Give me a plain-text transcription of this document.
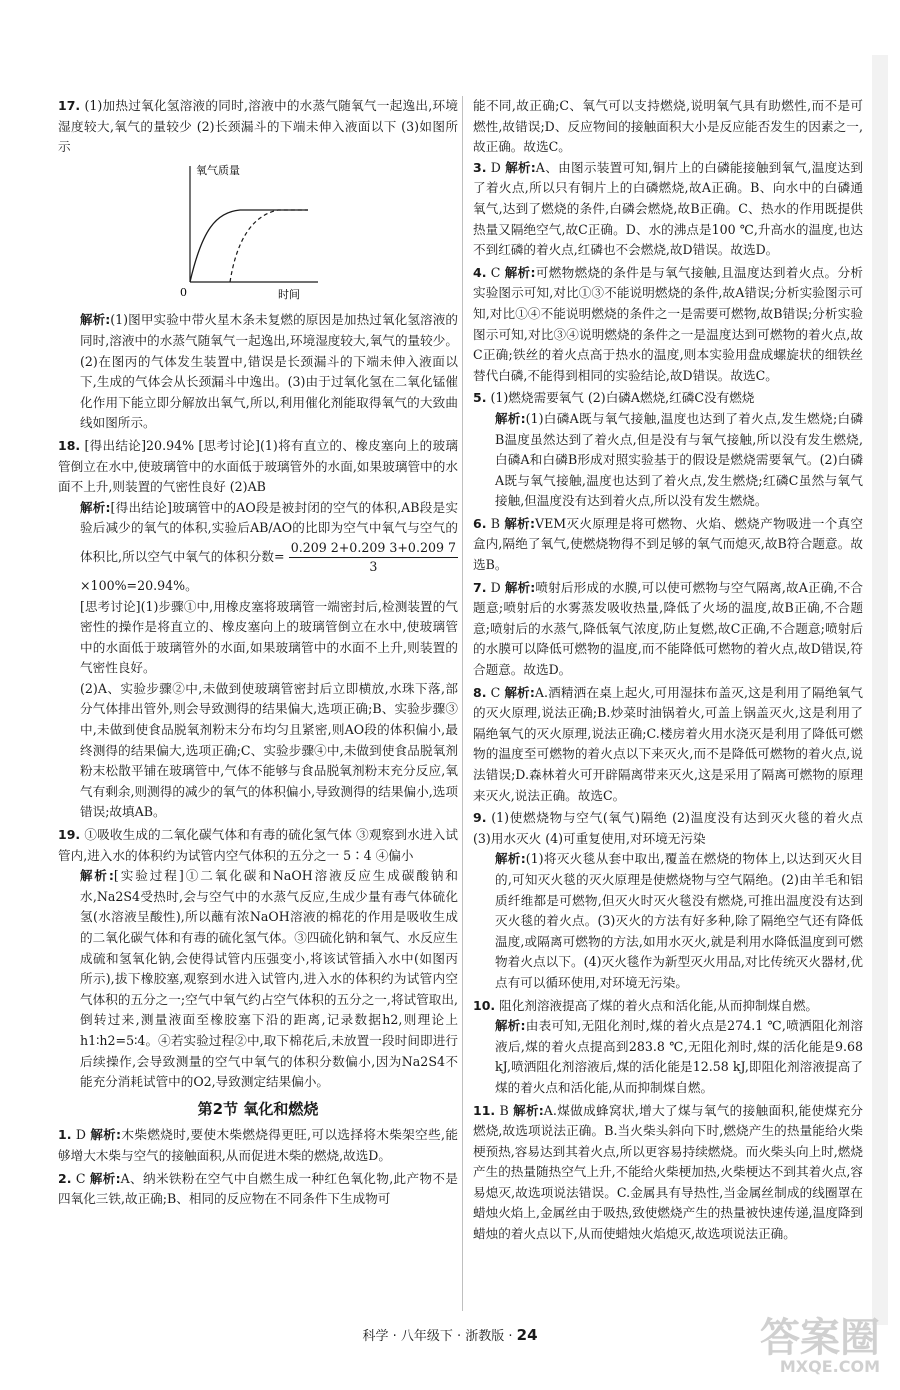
17. (1)加热过氧化氢溶液的同时,溶液中的水蒸气随氧气一起逸出,环境湿度较大,氧气的量较少 (2)长颈漏斗的下端未伸入液面以下 (3)如图所示

氧气质量
0	时间

解析:(1)图甲实验中带火星木条未复燃的原因是加热过氧化氢溶液的同时,溶液中的水蒸气随氧气一起逸出,环境湿度较大,氧气的量较少。(2)在图丙的气体发生装置中,错误是长颈漏斗的下端未伸入液面以下,生成的气体会从长颈漏斗中逸出。(3)由于过氧化氢在二氧化锰催化作用下能立即分解放出氧气,所以,利用催化剂能取得氧气的大致曲线如图所示。

18. [得出结论]20.94% [思考讨论](1)将有直立的、橡皮塞向上的玻璃管倒立在水中,使玻璃管中的水面低于玻璃管外的水面,如果玻璃管中的水面不上升,则装置的气密性良好 (2)AB

解析:[得出结论]玻璃管中的AO段是被封闭的空气的体积,AB段是实验后减少的氧气的体积,实验后AB/AO的比即为空气中氧气与空气的体积比,所以空气中氧气的体积分数= $\frac{0.209 2+0.209 3+0.209 7}{3}$
×100%=20.94%。

[思考讨论](1)步骤①中,用橡皮塞将玻璃管一端密封后,检测装置的气密性的操作是将直立的、橡皮塞向上的玻璃管倒立在水中,使玻璃管中的水面低于玻璃管外的水面,如果玻璃管中的水面不上升,则装置的气密性良好。

(2)A、实验步骤②中,未做到使玻璃管密封后立即横放,水珠下落,部分气体排出管外,则会导致测得的结果偏大,选项正确;B、实验步骤③中,未做到使食品脱氧剂粉末分布均匀且紧密,则AO段的体积偏小,最终测得的结果偏大,选项正确;C、实验步骤④中,未做到使食品脱氧剂粉末松散平铺在玻璃管中,气体不能够与食品脱氧剂粉末充分反应,氧气有剩余,则测得的减少的氧气的体积偏小,导致测得的结果偏小,选项错误;故填AB。

19. ①吸收生成的二氧化碳气体和有毒的硫化氢气体 ③观察到水进入试管内,进入水的体积约为试管内空气体积的五分之一 5∶4 ④偏小

解析:[实验过程]①二氧化碳和NaOH溶液反应生成碳酸钠和水,Na2S4受热时,会与空气中的水蒸气反应,生成少量有毒气体硫化氢(水溶液呈酸性),所以蘸有浓NaOH溶液的棉花的作用是吸收生成的二氧化碳气体和有毒的硫化氢气体。③四硫化钠和氧气、水反应生成硫和氢氧化钠,会使得试管内压强变小,将该试管插入水中(如图丙所示),拔下橡胶塞,观察到水进入试管内,进入水的体积约为试管内空气体积的五分之一;空气中氧气约占空气体积的五分之一,将试管取出,倒转过来,测量液面至橡胶塞下沿的距离,记录数据h2,则理论上h1∶h2=5∶4。④若实验过程②中,取下棉花后,未放置一段时间即进行后续操作,会导致测量的空气中氧气的体积分数偏小,因为Na2S4不能充分消耗试管中的O2,导致测定结果偏小。

第2节 氧化和燃烧

1. D 解析:木柴燃烧时,要使木柴燃烧得更旺,可以选择将木柴架空些,能够增大木柴与空气的接触面积,从而促进木柴的燃烧,故选D。

2. C 解析:A、纳米铁粉在空气中自燃生成一种红色氧化物,此产物不是四氧化三铁,故正确;B、相同的反应物在不同条件下生成物可

能不同,故正确;C、氧气可以支持燃烧,说明氧气具有助燃性,而不是可燃性,故错误;D、反应物间的接触面积大小是反应能否发生的因素之一,故正确。故选C。

3. D 解析:A、由图示装置可知,铜片上的白磷能接触到氧气,温度达到了着火点,所以只有铜片上的白磷燃烧,故A正确。B、向水中的白磷通氧气,达到了燃烧的条件,白磷会燃烧,故B正确。C、热水的作用既提供热量又隔绝空气,故C正确。D、水的沸点是100 ℃,升高水的温度,也达不到红磷的着火点,红磷也不会燃烧,故D错误。故选D。

4. C 解析:可燃物燃烧的条件是与氧气接触,且温度达到着火点。分析实验图示可知,对比①③不能说明燃烧的条件,故A错误;分析实验图示可知,对比①④不能说明燃烧的条件之一是需要可燃物,故B错误;分析实验图示可知,对比③④说明燃烧的条件之一是温度达到可燃物的着火点,故C正确;铁丝的着火点高于热水的温度,则本实验用盘成螺旋状的细铁丝替代白磷,不能得到相同的实验结论,故D错误。故选C。

5. (1)燃烧需要氧气 (2)白磷A燃烧,红磷C没有燃烧

解析:(1)白磷A既与氧气接触,温度也达到了着火点,发生燃烧;白磷B温度虽然达到了着火点,但是没有与氧气接触,所以没有发生燃烧,白磷A和白磷B形成对照实验基于的假设是燃烧需要氧气。(2)白磷A既与氧气接触,温度也达到了着火点,发生燃烧;红磷C虽然与氧气接触,但温度没有达到着火点,所以没有发生燃烧。

6. B 解析:VEM灭火原理是将可燃物、火焰、燃烧产物吸进一个真空盒内,隔绝了氧气,使燃烧物得不到足够的氧气而熄灭,故B符合题意。故选B。

7. D 解析:喷射后形成的水膜,可以使可燃物与空气隔离,故A正确,不合题意;喷射后的水雾蒸发吸收热量,降低了火场的温度,故B正确,不合题意;喷射后的水蒸气,降低氧气浓度,防止复燃,故C正确,不合题意;喷射后的水膜可以降低可燃物的温度,而不能降低可燃物的着火点,故D错误,符合题意。故选D。

8. C 解析:A.酒精洒在桌上起火,可用湿抹布盖灭,这是利用了隔绝氧气的灭火原理,说法正确;B.炒菜时油锅着火,可盖上锅盖灭火,这是利用了隔绝氧气的灭火原理,说法正确;C.楼房着火用水浇灭是利用了降低可燃物的温度至可燃物的着火点以下来灭火,而不是降低可燃物的着火点,说法错误;D.森林着火可开辟隔离带来灭火,这是采用了隔离可燃物的原理来灭火,说法正确。故选C。

9. (1)使燃烧物与空气(氧气)隔绝 (2)温度没有达到灭火毯的着火点 (3)用水灭火 (4)可重复使用,对环境无污染

解析:(1)将灭火毯从套中取出,覆盖在燃烧的物体上,以达到灭火目的,可知灭火毯的灭火原理是使燃烧物与空气隔绝。(2)由羊毛和铝质纤维都是可燃物,但灭火时灭火毯没有燃烧,可推出温度没有达到灭火毯的着火点。(3)灭火的方法有好多种,除了隔绝空气还有降低温度,或隔离可燃物的方法,如用水灭火,就是利用水降低温度到可燃物着火点以下。(4)灭火毯作为新型灭火用品,对比传统灭火器材,优点有可以循环使用,对环境无污染。

10. 阻化剂溶液提高了煤的着火点和活化能,从而抑制煤自燃。

解析:由表可知,无阻化剂时,煤的着火点是274.1 ℃,喷洒阻化剂溶液后,煤的着火点提高到283.8 ℃,无阻化剂时,煤的活化能是9.68 kJ,喷洒阻化剂溶液后,煤的活化能是12.58 kJ,即阻化剂溶液提高了煤的着火点和活化能,从而抑制煤自燃。

11. B 解析:A.煤做成蜂窝状,增大了煤与氧气的接触面积,能使煤充分燃烧,故选项说法正确。B.当火柴头斜向下时,燃烧产生的热量能给火柴梗预热,容易达到其着火点,所以更容易持续燃烧。而火柴头向上时,燃烧产生的热量随热空气上升,不能给火柴梗加热,火柴梗达不到其着火点,容易熄灭,故选项说法错误。C.金属具有导热性,当金属丝制成的线圈罩在蜡烛火焰上,金属丝由于吸热,致使燃烧产生的热量被快速传递,温度降到蜡烛的着火点以下,从而使蜡烛火焰熄灭,故选项说法正确。

科学 · 八年级下 · 浙教版 · 24	答案圈
MXQE.COM
